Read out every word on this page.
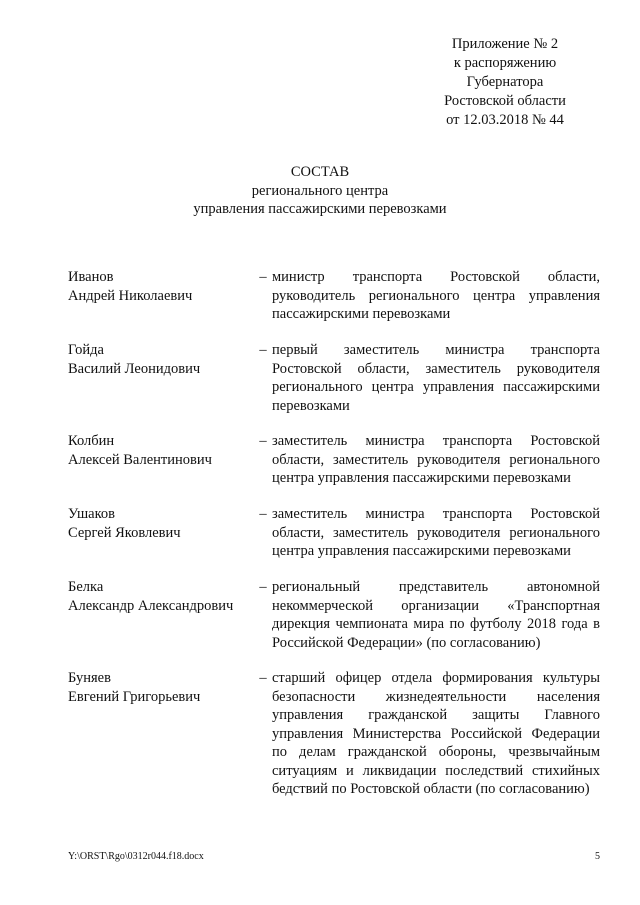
Приложение № 2
к распоряжению
Губернатора
Ростовской области
от 12.03.2018 № 44
СОСТАВ
регионального центра
управления пассажирскими перевозками
Иванов
Андрей Николаевич
– министр транспорта Ростовской области, руководитель регионального центра управления пассажирскими перевозками
Гойда
Василий Леонидович
– первый заместитель министра транспорта Ростовской области, заместитель руководителя регионального центра управления пассажирскими перевозками
Колбин
Алексей Валентинович
– заместитель министра транспорта Ростовской области, заместитель руководителя регионального центра управления пассажирскими перевозками
Ушаков
Сергей Яковлевич
– заместитель министра транспорта Ростовской области, заместитель руководителя регионального центра управления пассажирскими перевозками
Белка
Александр Александрович
– региональный представитель автономной некоммерческой организации «Транспортная дирекция чемпионата мира по футболу 2018 года в Российской Федерации» (по согласованию)
Буняев
Евгений Григорьевич
– старший офицер отдела формирования культуры безопасности жизнедеятельности населения управления гражданской защиты Главного управления Министерства Российской Федерации по делам гражданской обороны, чрезвычайным ситуациям и ликвидации последствий стихийных бедствий по Ростовской области (по согласованию)
Y:\ORST\Rgo\0312r044.f18.docx	5
